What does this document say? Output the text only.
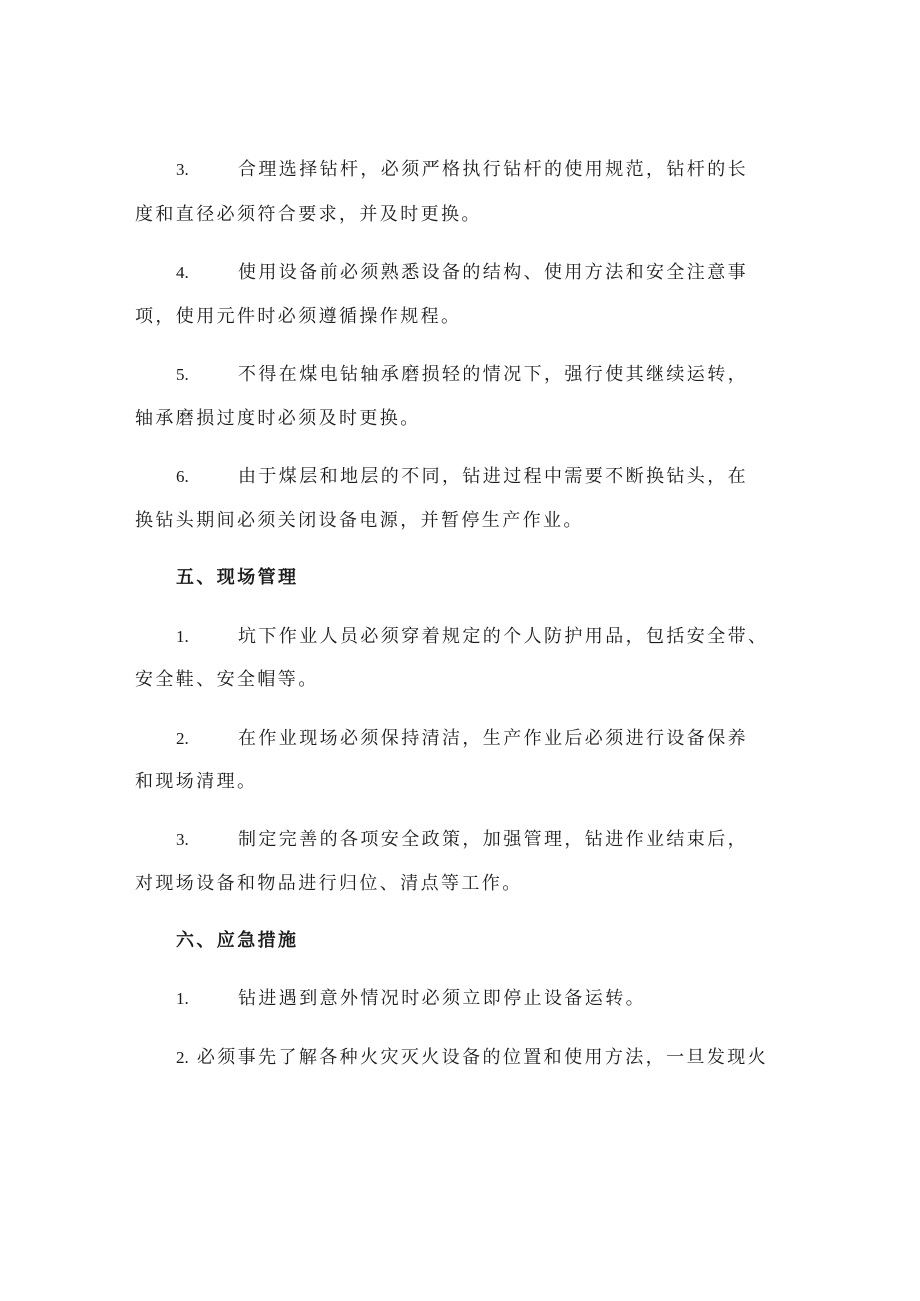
3.	合理选择钻杆，必须严格执行钻杆的使用规范，钻杆的长
度和直径必须符合要求，并及时更换。
4.	使用设备前必须熟悉设备的结构、使用方法和安全注意事
项，使用元件时必须遵循操作规程。
5.	不得在煤电钻轴承磨损轻的情况下，强行使其继续运转，
轴承磨损过度时必须及时更换。
6.	由于煤层和地层的不同，钻进过程中需要不断换钻头，在
换钻头期间必须关闭设备电源，并暂停生产作业。
五、现场管理
1.	坑下作业人员必须穿着规定的个人防护用品，包括安全带、
安全鞋、安全帽等。
2.	在作业现场必须保持清洁，生产作业后必须进行设备保养
和现场清理。
3.	制定完善的各项安全政策，加强管理，钻进作业结束后，
对现场设备和物品进行归位、清点等工作。
六、应急措施
1.	钻进遇到意外情况时必须立即停止设备运转。
2. 必须事先了解各种火灾灭火设备的位置和使用方法，一旦发现火
